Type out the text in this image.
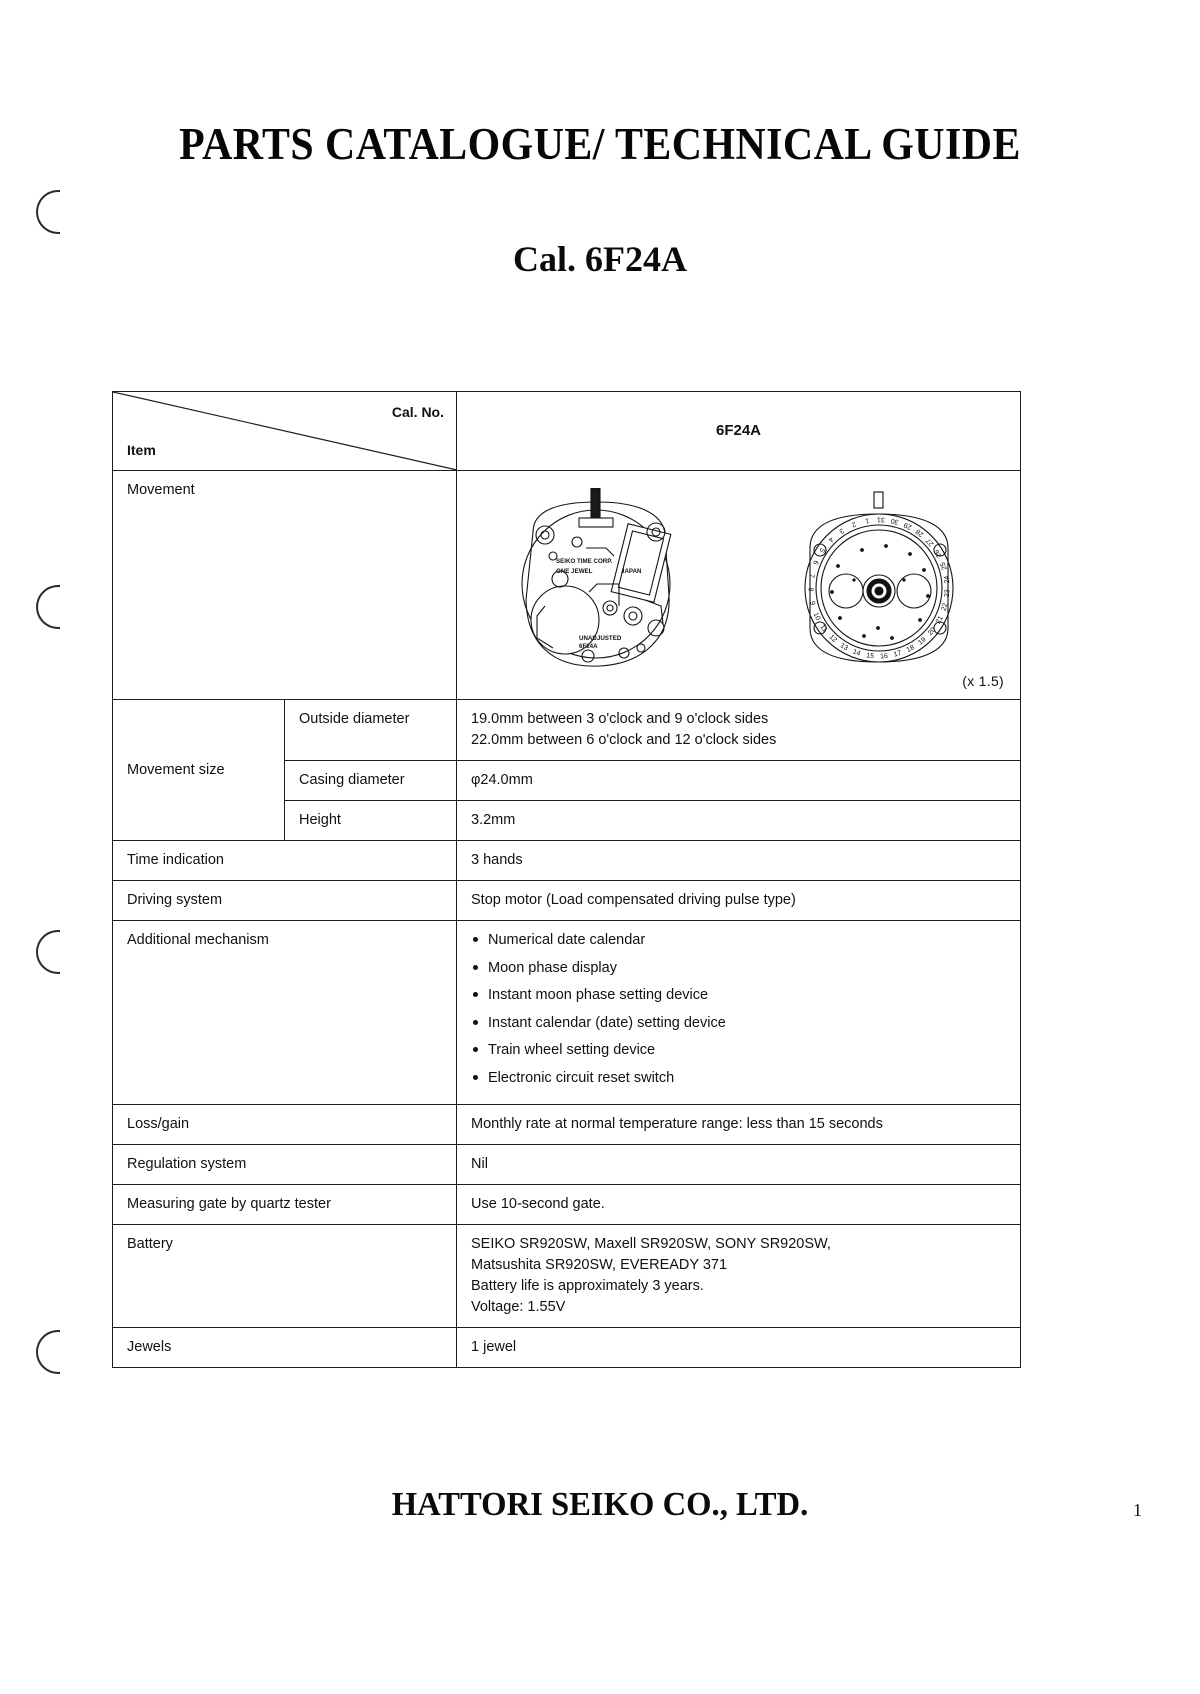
PARTS CATALOGUE/ TECHNICAL GUIDE
Cal. 6F24A
Cal. No.
Item		6F24A
Movement	
SEIKO TIME CORP.
ONE JEWEL	JAPAN
UNADJUSTED
6F24A
1
2
3
4
5
6
7
8
9
10
11
12
13
14 15 16 17
18
19
20
21
22
23
24
25
26
27
28
29
30
31
(x 1.5)

Movement size	Outside diameter	19.0mm between 3 o'clock and 9 o'clock sides
22.0mm between 6 o'clock and 12 o'clock sides

	Casing diameter	φ24.0mm
	Height	3.2mm
Time indication		3 hands
Driving system		Stop motor (Load compensated driving pulse type)
Additional mechanism	Numerical date calendar
Moon phase display
Instant moon phase setting device
Instant calendar (date) setting device
Train wheel setting device
Electronic circuit reset switch

Loss/gain		Monthly rate at normal temperature range: less than 15 seconds
Regulation system		Nil
Measuring gate by quartz tester		Use 10-second gate.
Battery		SEIKO SR920SW, Maxell SR920SW, SONY SR920SW,
Matsushita SR920SW, EVEREADY 371
Battery life is approximately 3 years.
Voltage: 1.55V

Jewels		1 jewel
HATTORI SEIKO CO., LTD.	1
